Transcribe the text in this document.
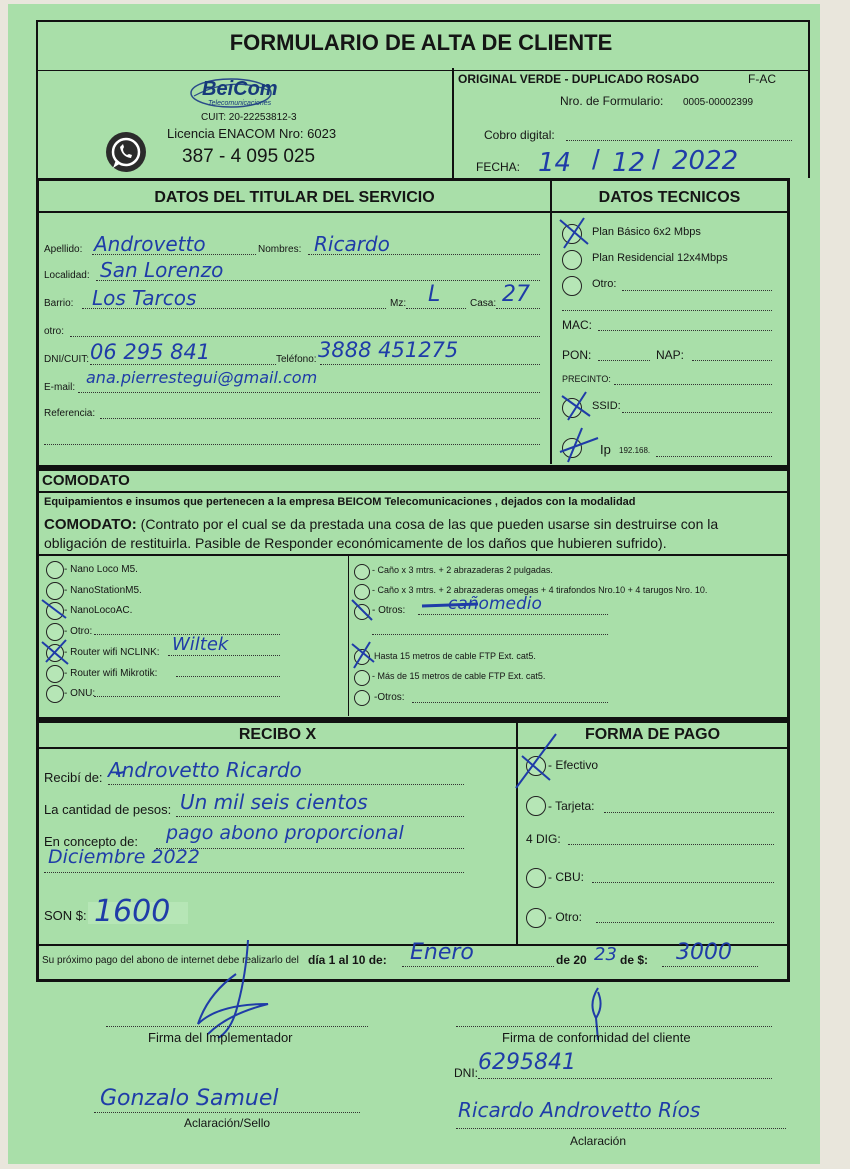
FORMULARIO DE ALTA DE CLIENTE
BeiCom
Telecomunicaciones
CUIT: 20-22253812-3
Licencia ENACOM Nro: 6023
387 - 4 095 025
ORIGINAL VERDE - DUPLICADO ROSADO	F-AC
Nro. de Formulario: 0005-00002399
Cobro digital:
FECHA:	/ /
14 12 2022
DATOS DEL TITULAR DEL SERVICIO	DATOS TECNICOS
Apellido: Androvetto	Nombres: Ricardo
Localidad: San Lorenzo
Barrio: Los Tarcos	Mz: L	Casa: 27
otro:
DNI/CUIT: 06 295 841	Teléfono: 3888 451275
E-mail:
ana.pierrestegui@gmail.com
Referencia:
Plan Básico 6x2 Mbps
Plan Residencial 12x4Mbps
Otro:
MAC:
PON:	NAP:
PRECINTO:
SSID:
Ip 192.168.
COMODATO
Equipamientos e insumos que pertenecen a la empresa BEICOM Telecomunicaciones , dejados con la modalidad
COMODATO: (Contrato por el cual se da prestada una cosa de las que pueden usarse sin destruirse con la obligación de restituirla. Pasible de Responder económicamente de los daños que hubieren sufrido).
- Nano Loco M5.
- NanoStationM5.
- NanoLocoAC.
- Otro:
- Router wifi NCLINK: Wiltek
- Router wifi Mikrotik:
- ONU:
- Caño x 3 mtrs. + 2 abrazaderas 2 pulgadas.
- Caño x 3 mtrs. + 2 abrazaderas omegas + 4 tirafondos Nro.10 + 4 tarugos Nro. 10.
- Otros:	cañomedio
Hasta 15 metros de cable FTP Ext. cat5.
- Más de 15 metros de cable FTP Ext. cat5.
-Otros:
RECIBO X	FORMA DE PAGO
Recibí de: Androvetto Ricardo
La cantidad de pesos: Un mil seis cientos
En concepto de: pago abono proporcional
Diciembre 2022
SON $: 1600
- Efectivo
- Tarjeta:
4 DIG:
- CBU:
- Otro:
Su próximo pago del abono de internet debe realizarlo del día 1 al 10 de: Enero	de 20 23 de $: 3000
Firma del Implementador	Firma de conformidad del cliente
DNI: 6295841
Gonzalo Samuel
Aclaración/Sello
Ricardo Androvetto Ríos
Aclaración
